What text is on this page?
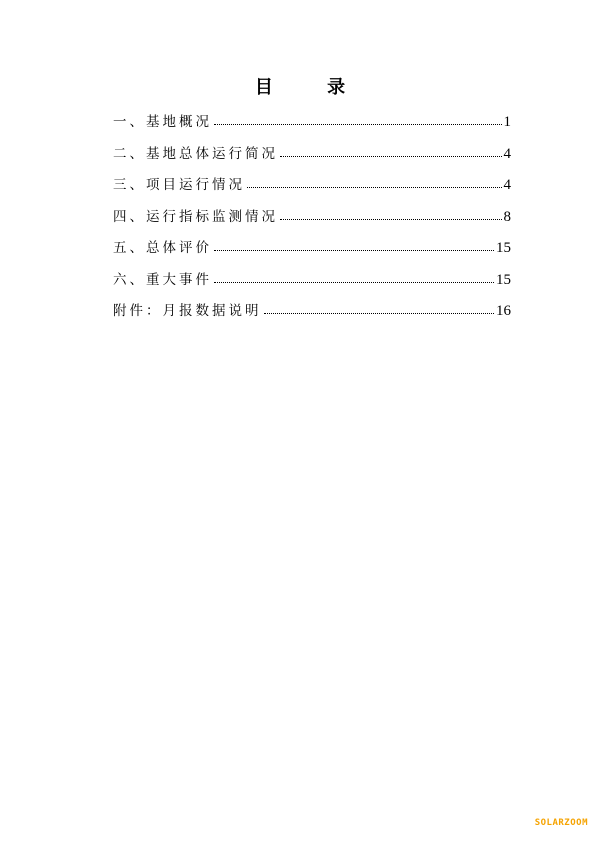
目 录
一、基地概况	1
二、基地总体运行简况	4
三、项目运行情况	4
四、运行指标监测情况	8
五、总体评价	15
六、重大事件	15
附件：月报数据说明	16
SOLARZOOM
